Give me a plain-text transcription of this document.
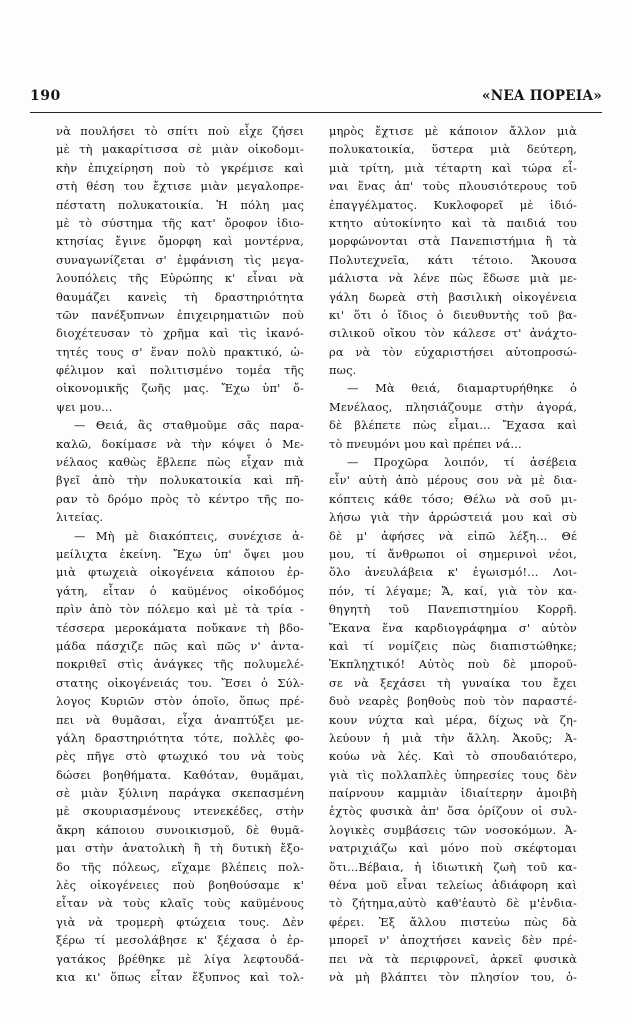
190	«ΝΕΑ ΠΟΡΕΙΑ»
νὰ πουλήσει τὸ σπίτι ποὺ εἶχε ζήσει
μὲ τὴ μακαρίτισσα σὲ μιὰν οἰκοδομι-
κὴν ἐπιχείρηση ποὺ τὸ γκρέμισε καὶ
στὴ θέση του ἔχτισε μιὰν μεγαλοπρε-
πέστατη πολυκατοικία. Ἡ πόλη μας
μὲ τὸ σύστημα τῆς κατ' ὄροφον ἰδιο-
κτησίας ἔγινε ὄμορφη καὶ μοντέρνα,
συναγωνίζεται σ' ἐμφάνιση τὶς μεγα-
λουπόλεις τῆς Εὐρώπης κ' εἶναι νὰ
θαυμάζει κανεὶς τὴ δραστηριότητα
τῶν πανέξυπνων ἐπιχειρηματιῶν ποὺ
διοχέτευσαν τὸ χρῆμα καὶ τὶς ἱκανό-
τητές τους σ' ἕναν πολὺ πρακτικό, ὠ-
φέλιμον καὶ πολιτισμένο τομέα τῆς
οἰκονομικῆς ζωῆς μας. Ἔχω ὑπ' ὄ-
ψει μου...
— Θειά, ἂς σταθμοῦμε σᾶς παρα-
καλῶ, δοκίμασε νὰ τὴν κόψει ὁ Με-
νέλαος καθὼς ἔβλεπε πὼς εἶχαν πιὰ
βγεῖ ἀπὸ τὴν πολυκατοικία καὶ πῆ-
ραν τὸ δρόμο πρὸς τὸ κέντρο τῆς πο-
λιτείας.
— Μὴ μὲ διακόπτεις, συνέχισε ἀ-
μείλιχτα ἐκείνη. Ἔχω ὑπ' ὄψει μου
μιὰ φτωχειὰ οἰκογένεια κάποιου ἐρ-
γάτη, εἶταν ὁ καϋμένος οἰκοδόμος
πρὶν ἀπὸ τὸν πόλεμο καὶ μὲ τὰ τρία -
τέσσερα μεροκάματα ποὔκανε τὴ βδο-
μάδα πάσχιζε πῶς καὶ πῶς ν' ἀντα-
ποκριθεῖ στὶς ἀνάγκες τῆς πολυμελέ-
στατης οἰκογένειάς του. Ἔσει ὁ Σύλ-
λογος Κυριῶν στὸν ὁποῖο, ὅπως πρέ-
πει νὰ θυμᾶσαι, εἶχα ἀναπτύξει με-
γάλη δραστηριότητα τότε, πολλὲς φο-
ρὲς πῆγε στὸ φτωχικό του νὰ τοὺς
δώσει βοηθήματα. Καθόταν, θυμᾶμαι,
σὲ μιὰν ξύλινη παράγκα σκεπασμένη
μὲ σκουριασμένους ντενεκέδες, στὴν
ἄκρη κάποιου συνοικισμοῦ, δὲ θυμᾶ-
μαι στὴν ἀνατολικὴ ἢ τὴ δυτικὴ ἔξο-
δο τῆς πόλεως, εἴχαμε βλέπεις πολ-
λὲς οἰκογένειες ποὺ βοηθούσαμε κ'
εἶταν νὰ τοὺς κλαῖς τοὺς καϋμένους
γιὰ νὰ τρομερὴ φτώχεια τους. Δὲν
ξέρω τί μεσολάβησε κ' ξέχασα ὁ ἐρ-
γατάκος βρέθηκε μὲ λίγα λεφτουδά-
κια κι' ὅπως εἶταν ἔξυπνος καὶ τολ-
μηρὸς ἔχτισε μὲ κάποιον ἄλλον μιὰ
πολυκατοικία, ὕστερα μιὰ δεύτερη,
μιὰ τρίτη, μιὰ τέταρτη καὶ τώρα εἶ-
ναι ἕνας ἀπ' τοὺς πλουσιότερους τοῦ
ἐπαγγέλματος. Κυκλοφορεῖ μὲ ἰδιό-
κτητο αὐτοκίνητο καὶ τὰ παιδιά του
μορφώνονται στὰ Πανεπιστήμια ἢ τὰ
Πολυτεχνεῖα, κάτι τέτοιο. Ἄκουσα
μάλιστα νὰ λένε πὼς ἔδωσε μιὰ με-
γάλη δωρεὰ στὴ βασιλικὴ οἰκογένεια
κι' ὅτι ὁ ἴδιος ὁ διευθυντὴς τοῦ βα-
σιλικοῦ οἴκου τὸν κάλεσε στ' ἀνάχτο-
ρα νὰ τὸν εὐχαριστήσει αὐτοπροσώ-
πως.
— Μὰ θειά, διαμαρτυρήθηκε ὁ
Μενέλαος, πλησιάζουμε στὴν ἀγορά,
δὲ βλέπετε πὼς εἶμαι... Ἔχασα καὶ
τὸ πνευμόνι μου καὶ πρέπει νά...
— Προχῶρα λοιπόν, τί ἀσέβεια
εἶν' αὐτὴ ἀπὸ μέρους σου νὰ μὲ δια-
κόπτεις κάθε τόσο; Θέλω νὰ σοῦ μι-
λήσω γιὰ τὴν ἀρρώστειά μου καὶ σὺ
δὲ μ' ἀφήσες νὰ εἰπῶ λέξη... Θέ
μου, τί ἄνθρωποι οἱ σημερινοὶ νέοι,
ὅλο ἀνευλάβεια κ' ἐγωισμό!... Λοι-
πόν, τί λέγαμε; Ἄ, καί, γιὰ τὸν κα-
θηγητὴ τοῦ Πανεπιστημίου Κορρῆ.
Ἔκανα ἕνα καρδιογράφημα σ' αὐτὸν
καὶ τί νομίζεις πὼς διαπιστώθηκε;
Ἐκπληχτικό! Αὐτὸς ποὺ δὲ μποροῦ-
σε νὰ ξεχάσει τὴ γυναίκα του ἔχει
δυὸ νεαρὲς βοηθοὺς ποὺ τὸν παραστέ-
κουν νύχτα καὶ μέρα, δίχως νὰ ζη-
λεύουν ἡ μιὰ τὴν ἄλλη. Ἀκοῦς; Ἀ-
κούω νὰ λές. Καὶ τὸ σπουδαιότερο,
γιὰ τὶς πολλαπλὲς ὑπηρεσίες τους δὲν
παίρνουν καμμιὰν ἰδιαίτερην ἀμοιβὴ
ἐχτὸς φυσικὰ ἀπ' ὅσα ὁρίζουν οἱ συλ-
λογικὲς συμβάσεις τῶν νοσοκόμων. Ἀ-
νατριχιάζω καὶ μόνο ποὺ σκέφτομαι
ὅτι...Βέβαια, ἡ ἰδιωτικὴ ζωὴ τοῦ κα-
θένα μοῦ εἶναι τελείως ἀδιάφορη καὶ
τὸ ζήτημα,αὐτὸ καθ'ἑαυτὸ δὲ μ'ἐνδια-
φέρει. Ἐξ ἄλλου πιστεύω πὼς δὰ
μπορεῖ ν' ἀποχτήσει κανεὶς δὲν πρέ-
πει νὰ τὰ περιφρονεῖ, ἀρκεῖ φυσικὰ
νὰ μὴ βλάπτει τὸν πλησίον του, ὁ-
